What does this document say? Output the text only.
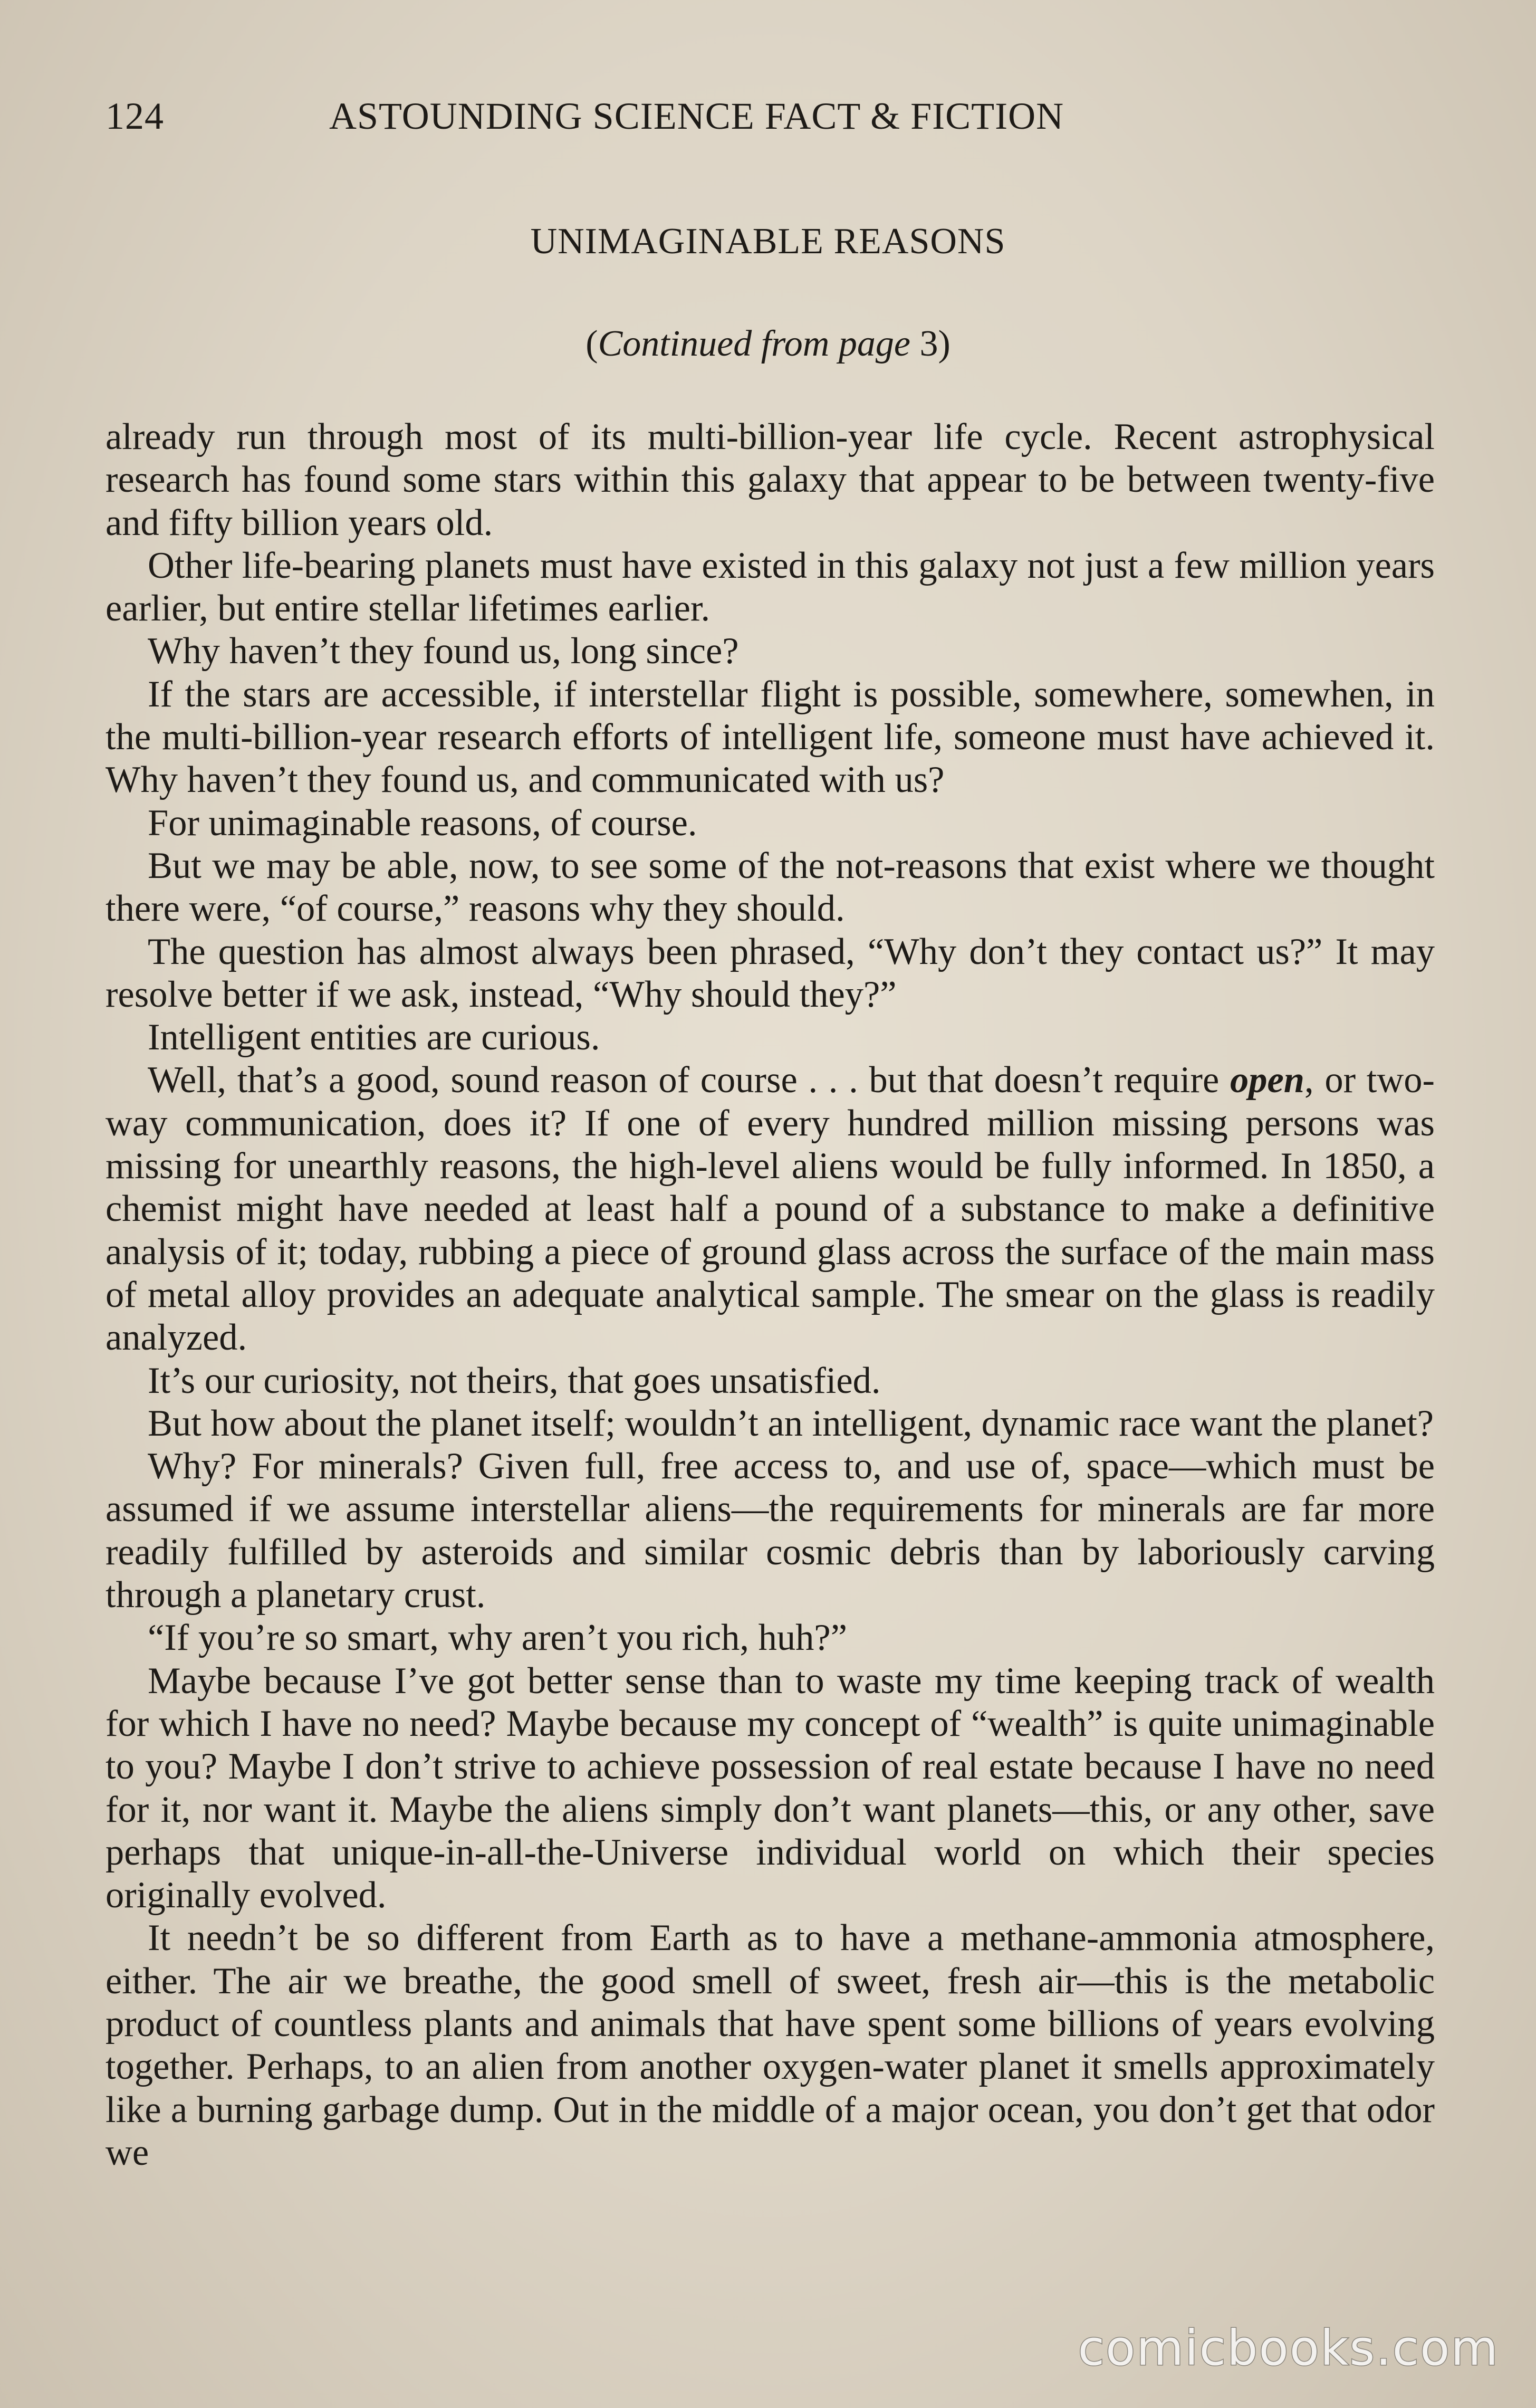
124	ASTOUNDING SCIENCE FACT & FICTION
UNIMAGINABLE REASONS
(Continued from page 3)

already run through most of its multi-billion-year life cycle. Recent astrophysical research has found some stars within this galaxy that appear to be between twenty-five and fifty billion years old.

Other life-bearing planets must have existed in this galaxy not just a few million years earlier, but entire stellar lifetimes earlier.

Why haven’t they found us, long since?

If the stars are accessible, if interstellar flight is possible, somewhere, somewhen, in the multi-billion-year research efforts of intelligent life, someone must have achieved it. Why haven’t they found us, and communicated with us?

For unimaginable reasons, of course.

But we may be able, now, to see some of the not-reasons that exist where we thought there were, “of course,” reasons why they should.

The question has almost always been phrased, “Why don’t they contact us?” It may resolve better if we ask, instead, “Why should they?”

Intelligent entities are curious.

Well, that’s a good, sound reason of course . . . but that doesn’t require open, or two-way communication, does it? If one of every hundred million missing persons was missing for unearthly reasons, the high-level aliens would be fully informed. In 1850, a chemist might have needed at least half a pound of a substance to make a definitive analysis of it; today, rubbing a piece of ground glass across the surface of the main mass of metal alloy provides an adequate analytical sample. The smear on the glass is readily analyzed.

It’s our curiosity, not theirs, that goes unsatisfied.

But how about the planet itself; wouldn’t an intelligent, dynamic race want the planet?

Why? For minerals? Given full, free access to, and use of, space—which must be assumed if we assume interstellar aliens—the requirements for minerals are far more readily fulfilled by asteroids and similar cosmic debris than by laboriously carving through a planetary crust.

“If you’re so smart, why aren’t you rich, huh?”

Maybe because I’ve got better sense than to waste my time keeping track of wealth for which I have no need? Maybe because my concept of “wealth” is quite unimaginable to you? Maybe I don’t strive to achieve possession of real estate because I have no need for it, nor want it. Maybe the aliens simply don’t want planets—this, or any other, save perhaps that unique-in-all-the-Universe individual world on which their species originally evolved.

It needn’t be so different from Earth as to have a methane-ammonia atmosphere, either. The air we breathe, the good smell of sweet, fresh air—this is the metabolic product of countless plants and animals that have spent some billions of years evolving together. Perhaps, to an alien from another oxygen-water planet it smells approximately like a burning garbage dump. Out in the middle of a major ocean, you don’t get that odor we

comicbooks.com
